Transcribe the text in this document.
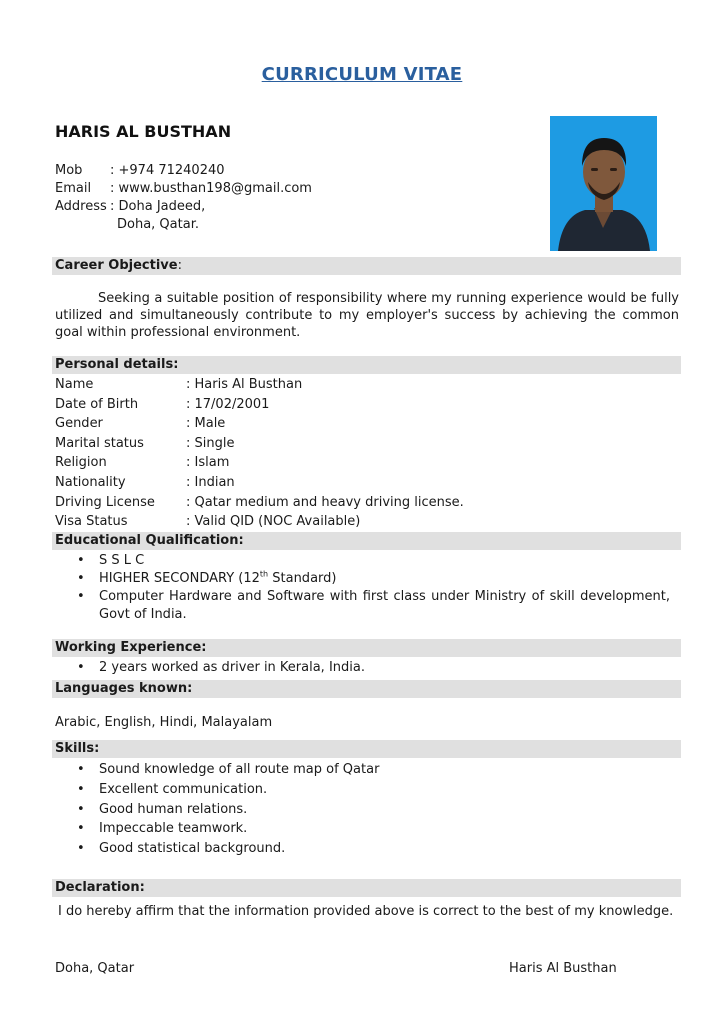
CURRICULUM VITAE
HARIS AL BUSTHAN
Mob	: +974 71240240
Email	: www.busthan198@gmail.com
Address : Doha Jadeed,
Doha, Qatar.
Career Objective:

Seeking a suitable position of responsibility where my running experience would be fully utilized and simultaneously contribute to my employer's success by achieving the common goal within professional environment.

Personal details:
Name	: Haris Al Busthan
Date of Birth	: 17/02/2001
Gender	: Male
Marital status	: Single
Religion	: Islam
Nationality	: Indian
Driving License	: Qatar medium and heavy driving license.
Visa Status	: Valid QID (NOC Available)
Educational Qualification:
• S S L C
• HIGHER SECONDARY (12th Standard)
• Computer Hardware and Software with first class under Ministry of skill development, Govt of India.
Working Experience:
• 2 years worked as driver in Kerala, India.
Languages known:
Arabic, English, Hindi, Malayalam
Skills:
• Sound knowledge of all route map of Qatar
• Excellent communication.
• Good human relations.
• Impeccable teamwork.
• Good statistical background.
Declaration:
I do hereby affirm that the information provided above is correct to the best of my knowledge.
Doha, Qatar	Haris Al Busthan
